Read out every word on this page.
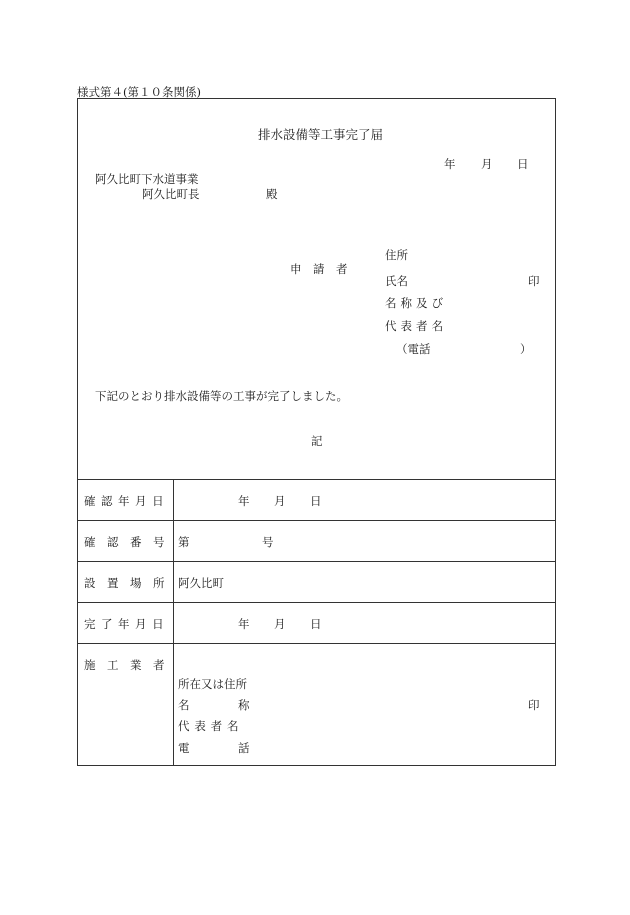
様式第４(第１０条関係)
排水設備等工事完了届
年 月 日
阿久比町下水道事業
阿久比町長	殿
申　請　者
住所
氏名	印
名称及び
代表者名
（電話	）
下記のとおり排水設備等の工事が完了しました。
記
確認年月日	年 月 日
確　認　番　号 第	号
設　置　場　所 阿久比町
完了年月日	年 月 日
施　工　業　者
所在又は住所
名	称	印
代表者名
電	話
